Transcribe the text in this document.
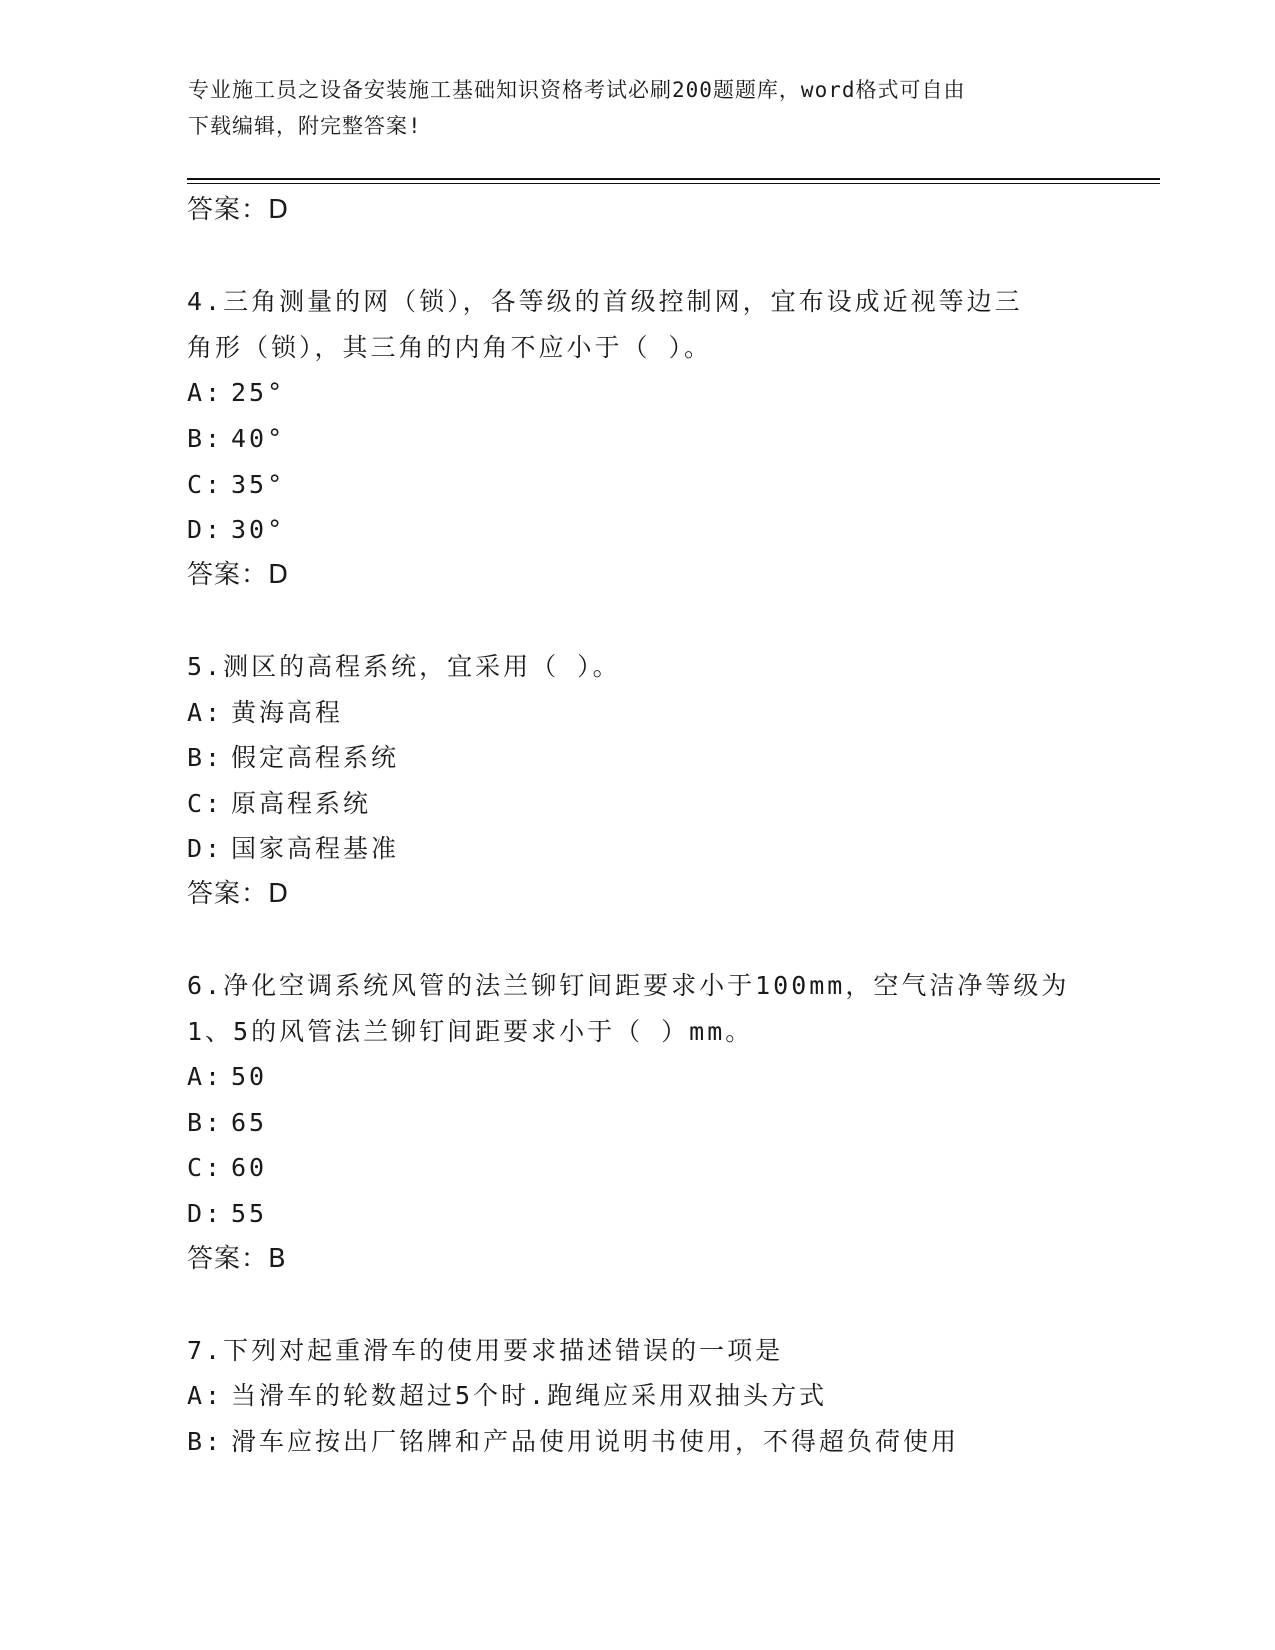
专业施工员之设备安装施工基础知识资格考试必刷200题题库，word格式可自由
下载编辑，附完整答案!
答案：D
4.三角测量的网（锁），各等级的首级控制网，宜布设成近视等边三
角形（锁），其三角的内角不应小于（ ）。
A: 25°
B: 40°
C: 35°
D: 30°
答案：D
5.测区的高程系统，宜采用（ ）。
A: 黄海高程
B: 假定高程系统
C: 原高程系统
D: 国家高程基准
答案：D
6.净化空调系统风管的法兰铆钉间距要求小于100mm，空气洁净等级为
1、5的风管法兰铆钉间距要求小于（ ）mm。
A: 50
B: 65
C: 60
D: 55
答案：B
7.下列对起重滑车的使用要求描述错误的一项是
A: 当滑车的轮数超过5个时.跑绳应采用双抽头方式
B: 滑车应按出厂铭牌和产品使用说明书使用，不得超负荷使用
